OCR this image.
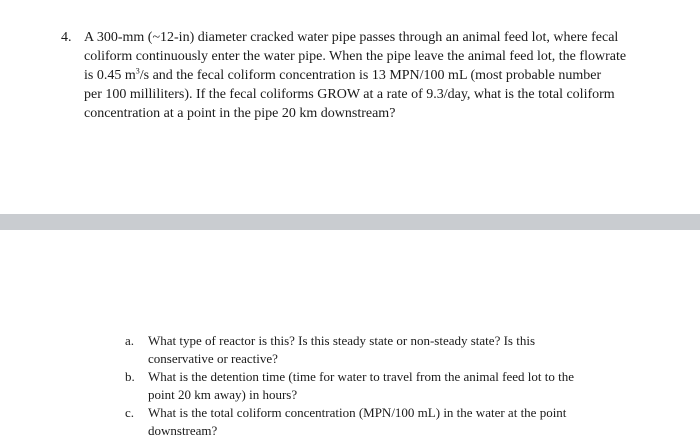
4. A 300-mm (~12-in) diameter cracked water pipe passes through an animal feed lot, where fecal
coliform continuously enter the water pipe. When the pipe leave the animal feed lot, the flowrate
is 0.45 $m^3/s$ and the fecal coliform concentration is 13 MPN/100 mL (most probable number
per 100 milliliters). If the fecal coliforms GROW at a rate of 9.3/day, what is the total coliform
concentration at a point in the pipe 20 km downstream?
a. What type of reactor is this? Is this steady state or non-steady state? Is this
conservative or reactive?
b. What is the detention time (time for water to travel from the animal feed lot to the
point 20 km away) in hours?
c. What is the total coliform concentration (MPN/100 mL) in the water at the point
downstream?
